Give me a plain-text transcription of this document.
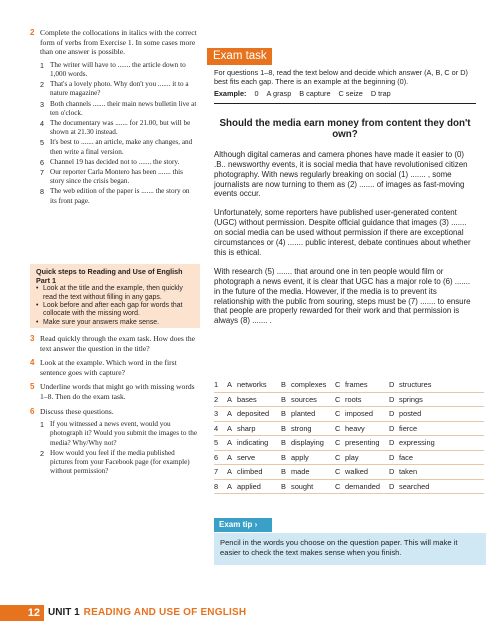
2 Complete the collocations in italics with the correct form of verbs from Exercise 1. In some cases more than one answer is possible.
1 The writer will have to ....... the article down to 1,000 words.
2 That's a lovely photo. Why don't you ....... it to a nature magazine?
3 Both channels ....... their main news bulletin live at ten o'clock.
4 The documentary was ....... for 21.00, but will be shown at 21.30 instead.
5 It's best to ....... an article, make any changes, and then write a final version.
6 Channel 19 has decided not to ....... the story.
7 Our reporter Carla Montero has been ....... this story since the crisis began.
8 The web edition of the paper is ....... the story on its front page.
Quick steps to Reading and Use of English Part 1
• Look at the title and the example, then quickly read the text without filling in any gaps.
• Look before and after each gap for words that collocate with the missing word.
• Make sure your answers make sense.
3 Read quickly through the exam task. How does the text answer the question in the title?
4 Look at the example. Which word in the first sentence goes with capture?
5 Underline words that might go with missing words 1–8. Then do the exam task.
6 Discuss these questions.
1 If you witnessed a news event, would you photograph it? Would you submit the images to the media? Why/Why not?
2 How would you feel if the media published pictures from your Facebook page (for example) without permission?
Exam task
For questions 1–8, read the text below and decide which answer (A, B, C or D) best fits each gap. There is an example at the beginning (0).
Example: 0 A grasp B capture C seize D trap
Should the media earn money from content they don't own?
Although digital cameras and camera phones have made it easier to (0) .B.. newsworthy events, it is social media that have revolutionised citizen photography. With news regularly breaking on social (1) ....... , some journalists are now turning to them as (2) ....... of images as fast-moving events occur.
Unfortunately, some reporters have published user-generated content (UGC) without permission. Despite official guidance that images (3) ....... on social media can be used without permission if there are exceptional circumstances or (4) ....... public interest, debate continues about whether this is ethical.
With research (5) ....... that around one in ten people would film or photograph a news event, it is clear that UGC has a major role to (6) ....... in the future of the media. However, if the media is to prevent its relationship with the public from souring, steps must be (7) ....... to ensure that people are properly rewarded for their work and that permission is always (8) ....... .
1	A networks	B complexes	C frames	D structures
2	A bases	B sources	C roots	D springs
3	A deposited	B planted	C imposed	D posted
4	A sharp	B strong	C heavy	D fierce
5	A indicating	B displaying	C presenting	D expressing
6	A serve	B apply	C play	D face
7	A climbed	B made	C walked	D taken
8	A applied	B sought	C demanded	D searched
Exam tip ›
Pencil in the words you choose on the question paper. This will make it easier to check the text makes sense when you finish.
12 UNIT 1 READING AND USE OF ENGLISH
